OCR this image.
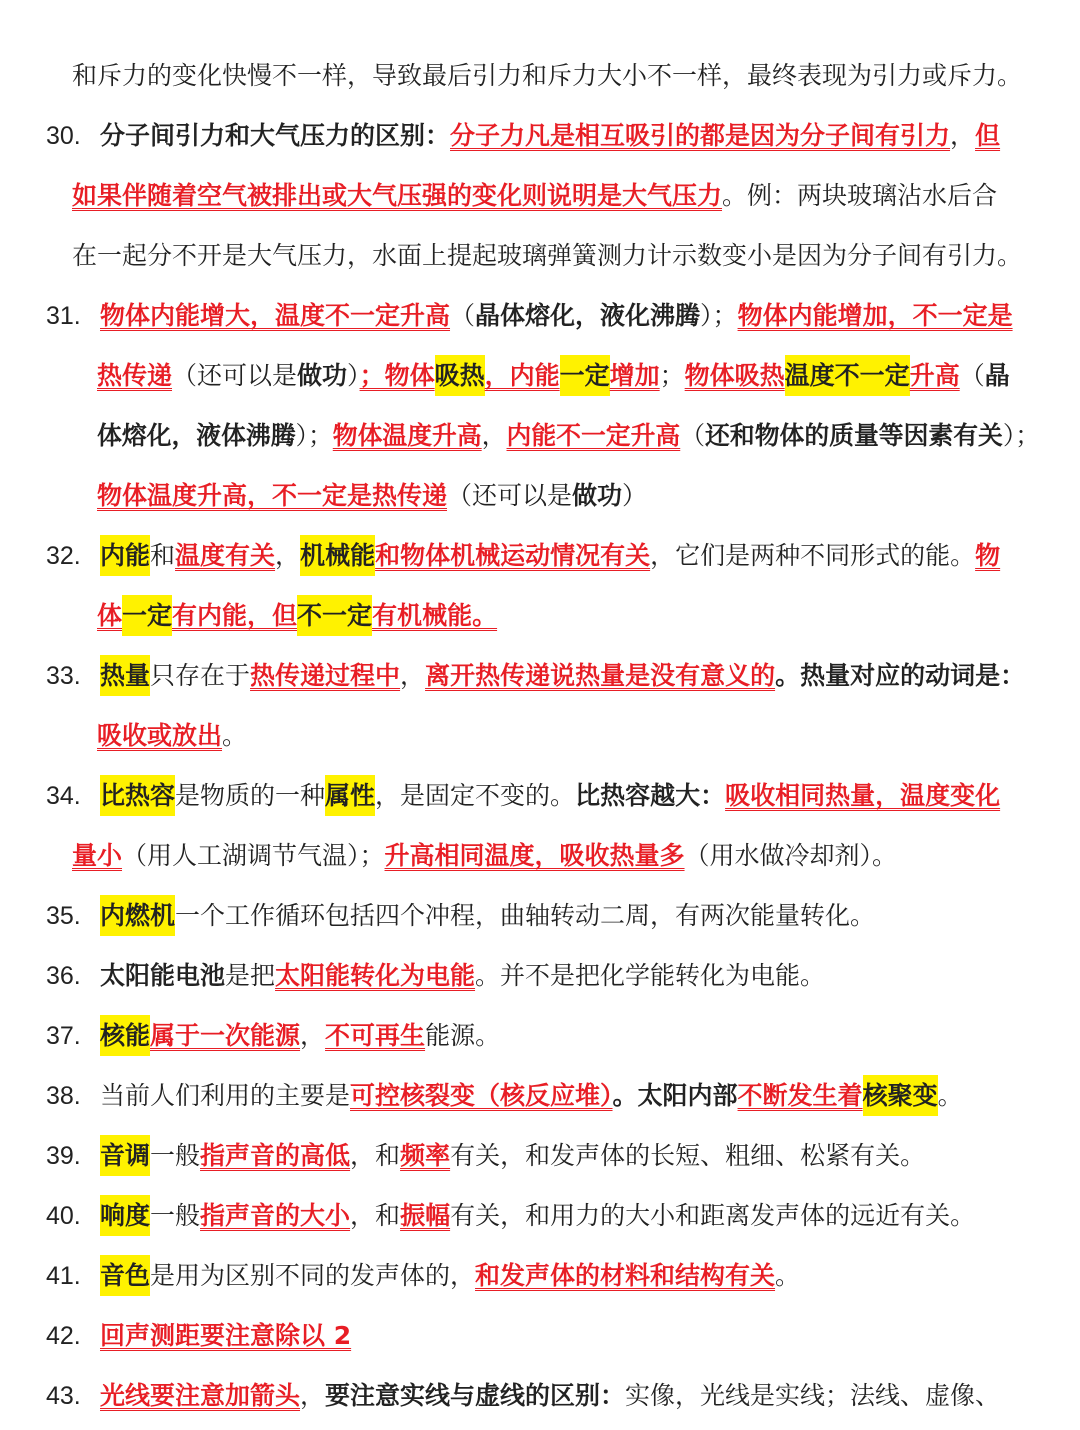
和斥力的变化快慢不一样，导致最后引力和斥力大小不一样，最终表现为引力或斥力。
30. 分子间引力和大气压力的区别：分子力凡是相互吸引的都是因为分子间有引力，但
如果伴随着空气被排出或大气压强的变化则说明是大气压力。例：两块玻璃沾水后合
在一起分不开是大气压力，水面上提起玻璃弹簧测力计示数变小是因为分子间有引力。
31. 物体内能增大，温度不一定升高（晶体熔化，液化沸腾）；物体内能增加，不一定是
热传递（还可以是做功）；物体吸热，内能一定增加；物体吸热温度不一定升高（晶
体熔化，液体沸腾）；物体温度升高，内能不一定升高（还和物体的质量等因素有关）；
物体温度升高，不一定是热传递（还可以是做功）
32. 内能和温度有关，机械能和物体机械运动情况有关，它们是两种不同形式的能。物
体一定有内能，但不一定有机械能。
33. 热量只存在于热传递过程中，离开热传递说热量是没有意义的。热量对应的动词是：
吸收或放出。
34. 比热容是物质的一种属性，是固定不变的。比热容越大：吸收相同热量，温度变化
量小（用人工湖调节气温）；升高相同温度，吸收热量多（用水做冷却剂）。
35. 内燃机一个工作循环包括四个冲程，曲轴转动二周，有两次能量转化。
36. 太阳能电池是把太阳能转化为电能。并不是把化学能转化为电能。
37. 核能属于一次能源，不可再生能源。
38. 当前人们利用的主要是可控核裂变（核反应堆）。太阳内部不断发生着核聚变。
39. 音调一般指声音的高低，和频率有关，和发声体的长短、粗细、松紧有关。
40. 响度一般指声音的大小，和振幅有关，和用力的大小和距离发声体的远近有关。
41. 音色是用为区别不同的发声体的，和发声体的材料和结构有关。
42. 回声测距要注意除以 2
43. 光线要注意加箭头，要注意实线与虚线的区别：实像，光线是实线；法线、虚像、
